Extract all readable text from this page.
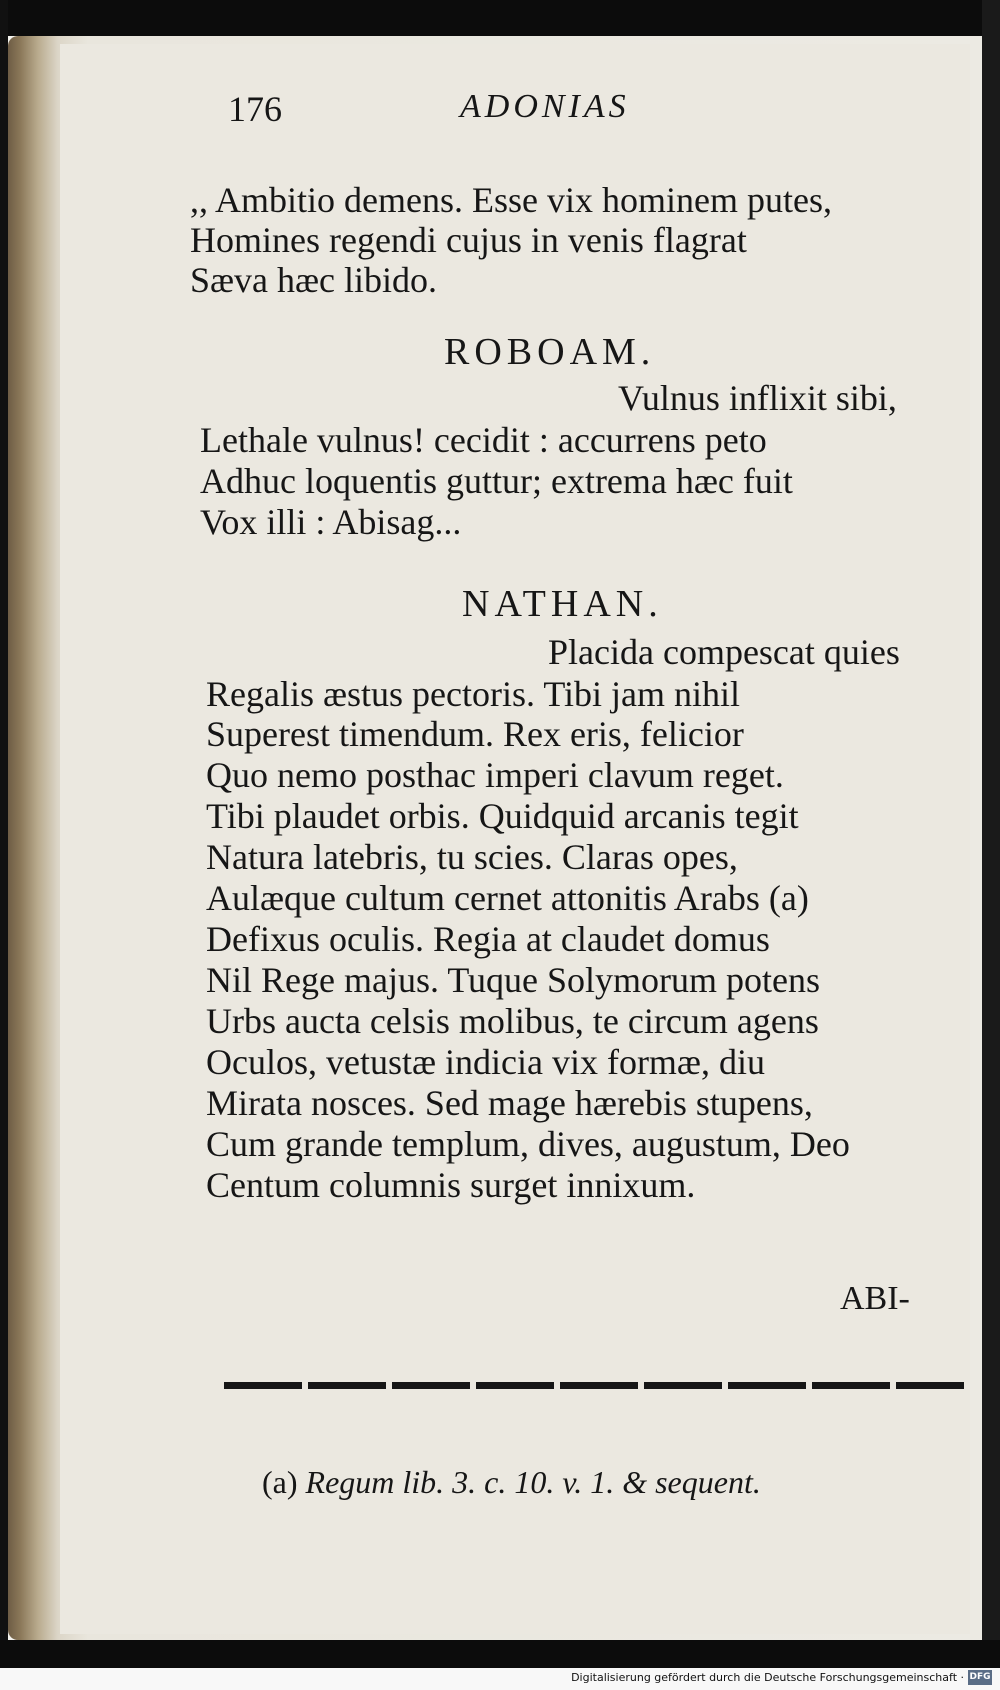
176	ADONIAS
,, Ambitio demens. Esse vix hominem putes,
Homines regendi cujus in venis flagrat
Sæva hæc libido.
ROBOAM.
Vulnus inflixit sibi,
Lethale vulnus! cecidit : accurrens peto
Adhuc loquentis guttur; extrema hæc fuit
Vox illi : Abisag...
NATHAN.
Placida compescat quies
Regalis æstus pectoris. Tibi jam nihil
Superest timendum. Rex eris, felicior
Quo nemo posthac imperi clavum reget.
Tibi plaudet orbis. Quidquid arcanis tegit
Natura latebris, tu scies. Claras opes,
Aulæque cultum cernet attonitis Arabs (a)
Defixus oculis. Regia at claudet domus
Nil Rege majus. Tuque Solymorum potens
Urbs aucta celsis molibus, te circum agens
Oculos, vetustæ indicia vix formæ, diu
Mirata nosces. Sed mage hærebis stupens,
Cum grande templum, dives, augustum, Deo
Centum columnis surget innixum.
ABI-
(a) Regum lib. 3. c. 10. v. 1. & sequent.
Digitalisierung gefördert durch die Deutsche Forschungsgemeinschaft · DFG
